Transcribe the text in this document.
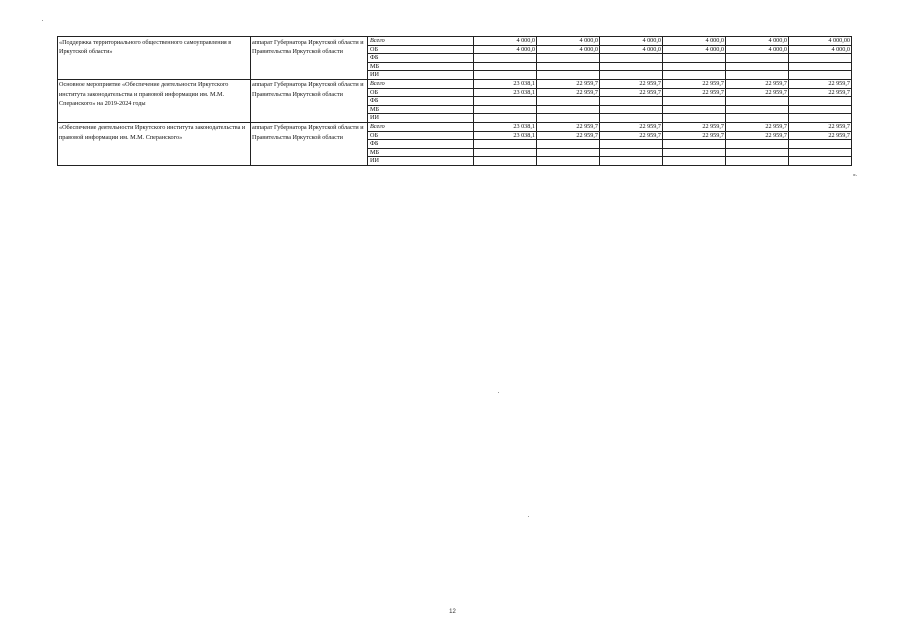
«Поддержка территориального общественного самоуправления в Иркутской области»	аппарат Губернатора Иркутской области и Правительства Иркутской области	Всего	4 000,0	4 000,0	4 000,0	4 000,0	4 000,0	4 000,00
		ОБ	4 000,0	4 000,0	4 000,0	4 000,0	4 000,0	4 000,0
		ФБ						
		МБ						
		ИИ						
Основное мероприятие «Обеспечение деятельности Иркутского института законодательства и правовой информации им. М.М. Сперанского» на 2019-2024 годы	аппарат Губернатора Иркутской области и Правительства Иркутской области	Всего	23 038,1	22 959,7	22 959,7	22 959,7	22 959,7	22 959,7
		ОБ	23 038,1	22 959,7	22 959,7	22 959,7	22 959,7	22 959,7
		ФБ						
		МБ						
		ИИ						
«Обеспечение деятельности Иркутского института законодательства и правовой информации им. М.М. Сперанского»	аппарат Губернатора Иркутской области и Правительства Иркутской области	Всего	23 038,1	22 959,7	22 959,7	22 959,7	22 959,7	22 959,7
		ОБ	23 038,1	22 959,7	22 959,7	22 959,7	22 959,7	22 959,7
		ФБ						
		МБ						
		ИИ						
».
12
